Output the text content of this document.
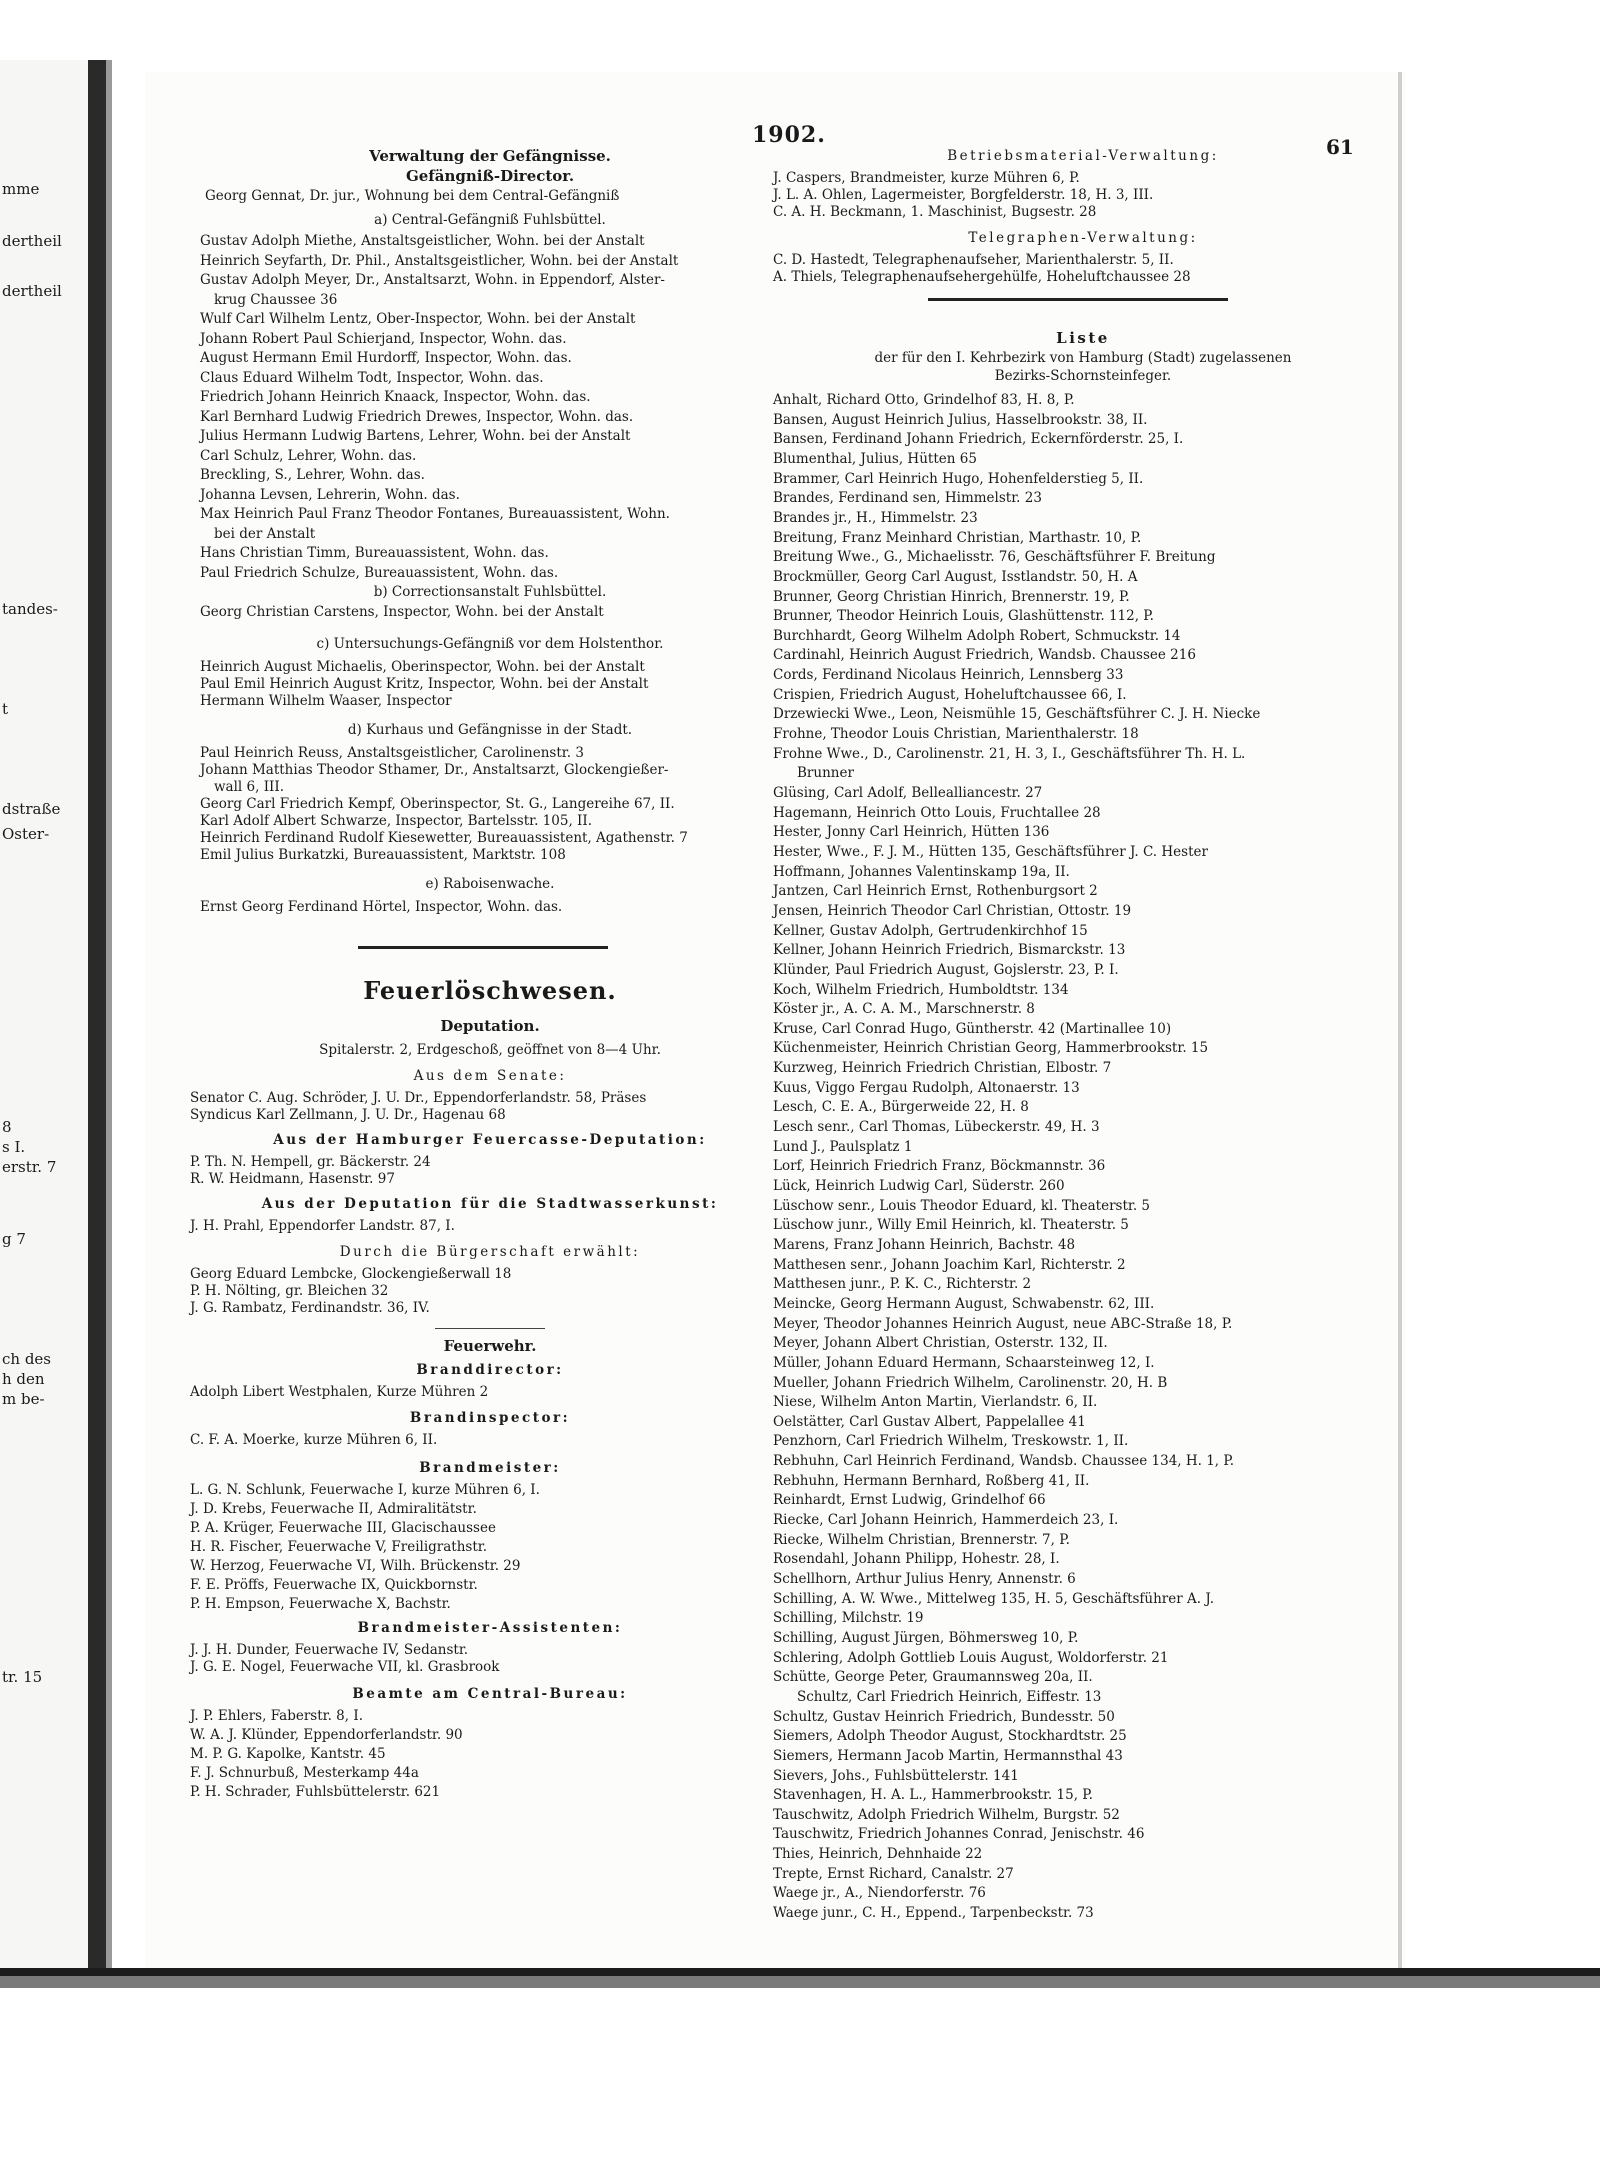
mme
dertheil
dertheil
tandes-
t
dstraße
Oster-
8
s I.
erstr. 7
g 7
ch des
h den
m be-
tr. 15
1902.	61
Verwaltung der Gefängnisse.
Gefängniß-Director.
Georg Gennat, Dr. jur., Wohnung bei dem Central-Gefängniß
a) Central-Gefängniß Fuhlsbüttel.
Gustav Adolph Miethe, Anstaltsgeistlicher, Wohn. bei der Anstalt
Heinrich Seyfarth, Dr. Phil., Anstaltsgeistlicher, Wohn. bei der Anstalt
Gustav Adolph Meyer, Dr., Anstaltsarzt, Wohn. in Eppendorf, Alster-
krug Chaussee 36
Wulf Carl Wilhelm Lentz, Ober-Inspector, Wohn. bei der Anstalt
Johann Robert Paul Schierjand, Inspector, Wohn. das.
August Hermann Emil Hurdorff, Inspector, Wohn. das.
Claus Eduard Wilhelm Todt, Inspector, Wohn. das.
Friedrich Johann Heinrich Knaack, Inspector, Wohn. das.
Karl Bernhard Ludwig Friedrich Drewes, Inspector, Wohn. das.
Julius Hermann Ludwig Bartens, Lehrer, Wohn. bei der Anstalt
Carl Schulz, Lehrer, Wohn. das.
Breckling, S., Lehrer, Wohn. das.
Johanna Levsen, Lehrerin, Wohn. das.
Max Heinrich Paul Franz Theodor Fontanes, Bureauassistent, Wohn.
bei der Anstalt
Hans Christian Timm, Bureauassistent, Wohn. das.
Paul Friedrich Schulze, Bureauassistent, Wohn. das.
b) Correctionsanstalt Fuhlsbüttel.
Georg Christian Carstens, Inspector, Wohn. bei der Anstalt
c) Untersuchungs-Gefängniß vor dem Holstenthor.
Heinrich August Michaelis, Oberinspector, Wohn. bei der Anstalt
Paul Emil Heinrich August Kritz, Inspector, Wohn. bei der Anstalt
Hermann Wilhelm Waaser, Inspector
d) Kurhaus und Gefängnisse in der Stadt.
Paul Heinrich Reuss, Anstaltsgeistlicher, Carolinenstr. 3
Johann Matthias Theodor Sthamer, Dr., Anstaltsarzt, Glockengießer-
wall 6, III.
Georg Carl Friedrich Kempf, Oberinspector, St. G., Langereihe 67, II.
Karl Adolf Albert Schwarze, Inspector, Bartelsstr. 105, II.
Heinrich Ferdinand Rudolf Kiesewetter, Bureauassistent, Agathenstr. 7
Emil Julius Burkatzki, Bureauassistent, Marktstr. 108
e) Raboisenwache.
Ernst Georg Ferdinand Hörtel, Inspector, Wohn. das.
Feuerlöschwesen.
Deputation.
Spitalerstr. 2, Erdgeschoß, geöffnet von 8—4 Uhr.
Aus dem Senate:
Senator C. Aug. Schröder, J. U. Dr., Eppendorferlandstr. 58, Präses
Syndicus Karl Zellmann, J. U. Dr., Hagenau 68
Aus der Hamburger Feuercasse-Deputation:
P. Th. N. Hempell, gr. Bäckerstr. 24
R. W. Heidmann, Hasenstr. 97
Aus der Deputation für die Stadtwasserkunst:
J. H. Prahl, Eppendorfer Landstr. 87, I.
Durch die Bürgerschaft erwählt:
Georg Eduard Lembcke, Glockengießerwall 18
P. H. Nölting, gr. Bleichen 32
J. G. Rambatz, Ferdinandstr. 36, IV.
Feuerwehr.
Branddirector:
Adolph Libert Westphalen, Kurze Mühren 2
Brandinspector:
C. F. A. Moerke, kurze Mühren 6, II.
Brandmeister:
L. G. N. Schlunk, Feuerwache I, kurze Mühren 6, I.
J. D. Krebs, Feuerwache II, Admiralitätstr.
P. A. Krüger, Feuerwache III, Glacischaussee
H. R. Fischer, Feuerwache V, Freiligrathstr.
W. Herzog, Feuerwache VI, Wilh. Brückenstr. 29
F. E. Pröffs, Feuerwache IX, Quickbornstr.
P. H. Empson, Feuerwache X, Bachstr.
Brandmeister-Assistenten:
J. J. H. Dunder, Feuerwache IV, Sedanstr.
J. G. E. Nogel, Feuerwache VII, kl. Grasbrook
Beamte am Central-Bureau:
J. P. Ehlers, Faberstr. 8, I.
W. A. J. Klünder, Eppendorferlandstr. 90
M. P. G. Kapolke, Kantstr. 45
F. J. Schnurbuß, Mesterkamp 44a
P. H. Schrader, Fuhlsbüttelerstr. 621
Betriebsmaterial-Verwaltung:
J. Caspers, Brandmeister, kurze Mühren 6, P.
J. L. A. Ohlen, Lagermeister, Borgfelderstr. 18, H. 3, III.
C. A. H. Beckmann, 1. Maschinist, Bugsestr. 28
Telegraphen-Verwaltung:
C. D. Hastedt, Telegraphenaufseher, Marienthalerstr. 5, II.
A. Thiels, Telegraphenaufsehergehülfe, Hoheluftchaussee 28
Liste
der für den I. Kehrbezirk von Hamburg (Stadt) zugelassenen
Bezirks-Schornsteinfeger.
Anhalt, Richard Otto, Grindelhof 83, H. 8, P.
Bansen, August Heinrich Julius, Hasselbrookstr. 38, II.
Bansen, Ferdinand Johann Friedrich, Eckernförderstr. 25, I.
Blumenthal, Julius, Hütten 65
Brammer, Carl Heinrich Hugo, Hohenfelderstieg 5, II.
Brandes, Ferdinand sen, Himmelstr. 23
Brandes jr., H., Himmelstr. 23
Breitung, Franz Meinhard Christian, Marthastr. 10, P.
Breitung Wwe., G., Michaelisstr. 76, Geschäftsführer F. Breitung
Brockmüller, Georg Carl August, Isstlandstr. 50, H. A
Brunner, Georg Christian Hinrich, Brennerstr. 19, P.
Brunner, Theodor Heinrich Louis, Glashüttenstr. 112, P.
Burchhardt, Georg Wilhelm Adolph Robert, Schmuckstr. 14
Cardinahl, Heinrich August Friedrich, Wandsb. Chaussee 216
Cords, Ferdinand Nicolaus Heinrich, Lennsberg 33
Crispien, Friedrich August, Hoheluftchaussee 66, I.
Drzewiecki Wwe., Leon, Neismühle 15, Geschäftsführer C. J. H. Niecke
Frohne, Theodor Louis Christian, Marienthalerstr. 18
Frohne Wwe., D., Carolinenstr. 21, H. 3, I., Geschäftsführer Th. H. L.
Brunner
Glüsing, Carl Adolf, Bellealliancestr. 27
Hagemann, Heinrich Otto Louis, Fruchtallee 28
Hester, Jonny Carl Heinrich, Hütten 136
Hester, Wwe., F. J. M., Hütten 135, Geschäftsführer J. C. Hester
Hoffmann, Johannes Valentinskamp 19a, II.
Jantzen, Carl Heinrich Ernst, Rothenburgsort 2
Jensen, Heinrich Theodor Carl Christian, Ottostr. 19
Kellner, Gustav Adolph, Gertrudenkirchhof 15
Kellner, Johann Heinrich Friedrich, Bismarckstr. 13
Klünder, Paul Friedrich August, Gojslerstr. 23, P. I.
Koch, Wilhelm Friedrich, Humboldtstr. 134
Köster jr., A. C. A. M., Marschnerstr. 8
Kruse, Carl Conrad Hugo, Güntherstr. 42 (Martinallee 10)
Küchenmeister, Heinrich Christian Georg, Hammerbrookstr. 15
Kurzweg, Heinrich Friedrich Christian, Elbostr. 7
Kuus, Viggo Fergau Rudolph, Altonaerstr. 13
Lesch, C. E. A., Bürgerweide 22, H. 8
Lesch senr., Carl Thomas, Lübeckerstr. 49, H. 3
Lund J., Paulsplatz 1
Lorf, Heinrich Friedrich Franz, Böckmannstr. 36
Lück, Heinrich Ludwig Carl, Süderstr. 260
Lüschow senr., Louis Theodor Eduard, kl. Theaterstr. 5
Lüschow junr., Willy Emil Heinrich, kl. Theaterstr. 5
Marens, Franz Johann Heinrich, Bachstr. 48
Matthesen senr., Johann Joachim Karl, Richterstr. 2
Matthesen junr., P. K. C., Richterstr. 2
Meincke, Georg Hermann August, Schwabenstr. 62, III.
Meyer, Theodor Johannes Heinrich August, neue ABC-Straße 18, P.
Meyer, Johann Albert Christian, Osterstr. 132, II.
Müller, Johann Eduard Hermann, Schaarsteinweg 12, I.
Mueller, Johann Friedrich Wilhelm, Carolinenstr. 20, H. B
Niese, Wilhelm Anton Martin, Vierlandstr. 6, II.
Oelstätter, Carl Gustav Albert, Pappelallee 41
Penzhorn, Carl Friedrich Wilhelm, Treskowstr. 1, II.
Rebhuhn, Carl Heinrich Ferdinand, Wandsb. Chaussee 134, H. 1, P.
Rebhuhn, Hermann Bernhard, Roßberg 41, II.
Reinhardt, Ernst Ludwig, Grindelhof 66
Riecke, Carl Johann Heinrich, Hammerdeich 23, I.
Riecke, Wilhelm Christian, Brennerstr. 7, P.
Rosendahl, Johann Philipp, Hohestr. 28, I.
Schellhorn, Arthur Julius Henry, Annenstr. 6
Schilling, A. W. Wwe., Mittelweg 135, H. 5, Geschäftsführer A. J.
Schilling, Milchstr. 19
Schilling, August Jürgen, Böhmersweg 10, P.
Schlering, Adolph Gottlieb Louis August, Woldorferstr. 21
Schütte, George Peter, Graumannsweg 20a, II.
Schultz, Carl Friedrich Heinrich, Eiffestr. 13
Schultz, Gustav Heinrich Friedrich, Bundesstr. 50
Siemers, Adolph Theodor August, Stockhardtstr. 25
Siemers, Hermann Jacob Martin, Hermannsthal 43
Sievers, Johs., Fuhlsbüttelerstr. 141
Stavenhagen, H. A. L., Hammerbrookstr. 15, P.
Tauschwitz, Adolph Friedrich Wilhelm, Burgstr. 52
Tauschwitz, Friedrich Johannes Conrad, Jenischstr. 46
Thies, Heinrich, Dehnhaide 22
Trepte, Ernst Richard, Canalstr. 27
Waege jr., A., Niendorferstr. 76
Waege junr., C. H., Eppend., Tarpenbeckstr. 73
